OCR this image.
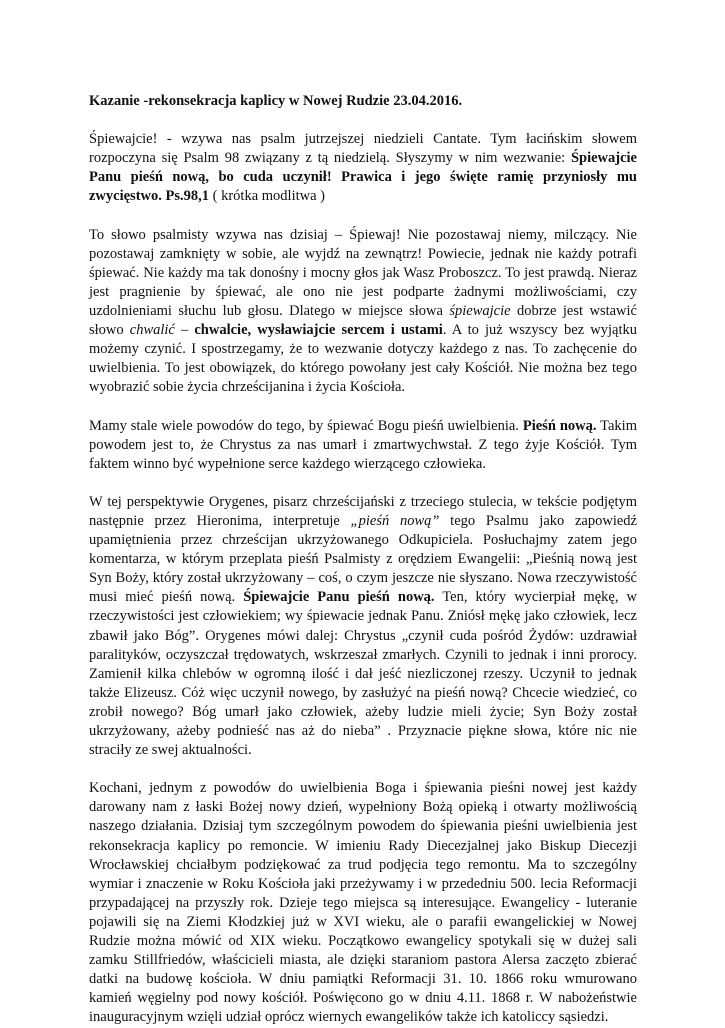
Kazanie -rekonsekracja kaplicy w Nowej Rudzie 23.04.2016.

Śpiewajcie! - wzywa nas psalm jutrzejszej niedzieli Cantate. Tym łacińskim słowem rozpoczyna się Psalm 98 związany z tą niedzielą. Słyszymy w nim wezwanie: Śpiewajcie Panu pieśń nową, bo cuda uczynił! Prawica i jego święte ramię przyniosły mu zwycięstwo. Ps.98,1 ( krótka modlitwa )

To słowo psalmisty wzywa nas dzisiaj – Śpiewaj! Nie pozostawaj niemy, milczący. Nie pozostawaj zamknięty w sobie, ale wyjdź na zewnątrz! Powiecie, jednak nie każdy potrafi śpiewać. Nie każdy ma tak donośny i mocny głos jak Wasz Proboszcz. To jest prawdą. Nieraz jest pragnienie by śpiewać, ale ono nie jest podparte żadnymi możliwościami, czy uzdolnieniami słuchu lub głosu. Dlatego w miejsce słowa śpiewajcie dobrze jest wstawić słowo chwalić – chwalcie, wysławiajcie sercem i ustami. A to już wszyscy bez wyjątku możemy czynić. I spostrzegamy, że to wezwanie dotyczy każdego z nas. To zachęcenie do uwielbienia. To jest obowiązek, do którego powołany jest cały Kościół. Nie można bez tego wyobrazić sobie życia chrześcijanina i życia Kościoła.

Mamy stale wiele powodów do tego, by śpiewać Bogu pieśń uwielbienia. Pieśń nową. Takim powodem jest to, że Chrystus za nas umarł i zmartwychwstał. Z tego żyje Kościół. Tym faktem winno być wypełnione serce każdego wierzącego człowieka.

W tej perspektywie Orygenes, pisarz chrześcijański z trzeciego stulecia, w tekście podjętym następnie przez Hieronima, interpretuje „pieśń nową” tego Psalmu jako zapowiedź upamiętnienia przez chrześcijan ukrzyżowanego Odkupiciela. Posłuchajmy zatem jego komentarza, w którym przeplata pieśń Psalmisty z orędziem Ewangelii: „Pieśnią nową jest Syn Boży, który został ukrzyżowany – coś, o czym jeszcze nie słyszano. Nowa rzeczywistość musi mieć pieśń nową. Śpiewajcie Panu pieśń nową. Ten, który wycierpiał mękę, w rzeczywistości jest człowiekiem; wy śpiewacie jednak Panu. Zniósł mękę jako człowiek, lecz zbawił jako Bóg”. Orygenes mówi dalej: Chrystus „czynił cuda pośród Żydów: uzdrawiał paralityków, oczyszczał trędowatych, wskrzeszał zmarłych. Czynili to jednak i inni prorocy. Zamienił kilka chlebów w ogromną ilość i dał jeść niezliczonej rzeszy. Uczynił to jednak także Elizeusz. Cóż więc uczynił nowego, by zasłużyć na pieśń nową? Chcecie wiedzieć, co zrobił nowego? Bóg umarł jako człowiek, ażeby ludzie mieli życie; Syn Boży został ukrzyżowany, ażeby podnieść nas aż do nieba” . Przyznacie piękne słowa, które nic nie straciły ze swej aktualności.

Kochani, jednym z powodów do uwielbienia Boga i śpiewania pieśni nowej jest każdy darowany nam z łaski Bożej nowy dzień, wypełniony Bożą opieką i otwarty możliwością naszego działania. Dzisiaj tym szczególnym powodem do śpiewania pieśni uwielbienia jest rekonsekracja kaplicy po remoncie. W imieniu Rady Diecezjalnej jako Biskup Diecezji Wrocławskiej chciałbym podziękować za trud podjęcia tego remontu. Ma to szczególny wymiar i znaczenie w Roku Kościoła jaki przeżywamy i w przededniu 500. lecia Reformacji przypadającej na przyszły rok. Dzieje tego miejsca są interesujące. Ewangelicy - luteranie pojawili się na Ziemi Kłodzkiej już w XVI wieku, ale o parafii ewangelickiej w Nowej Rudzie można mówić od XIX wieku. Początkowo ewangelicy spotykali się w dużej sali zamku Stillfriedów, właścicieli miasta, ale dzięki staraniom pastora Alersa zaczęto zbierać datki na budowę kościoła. W dniu pamiątki Reformacji 31. 10. 1866 roku wmurowano kamień węgielny pod nowy kościół. Poświęcono go w dniu 4.11. 1868 r. W nabożeństwie inauguracyjnym wzięli udział oprócz wiernych ewangelików także ich katoliccy sąsiedzi.
